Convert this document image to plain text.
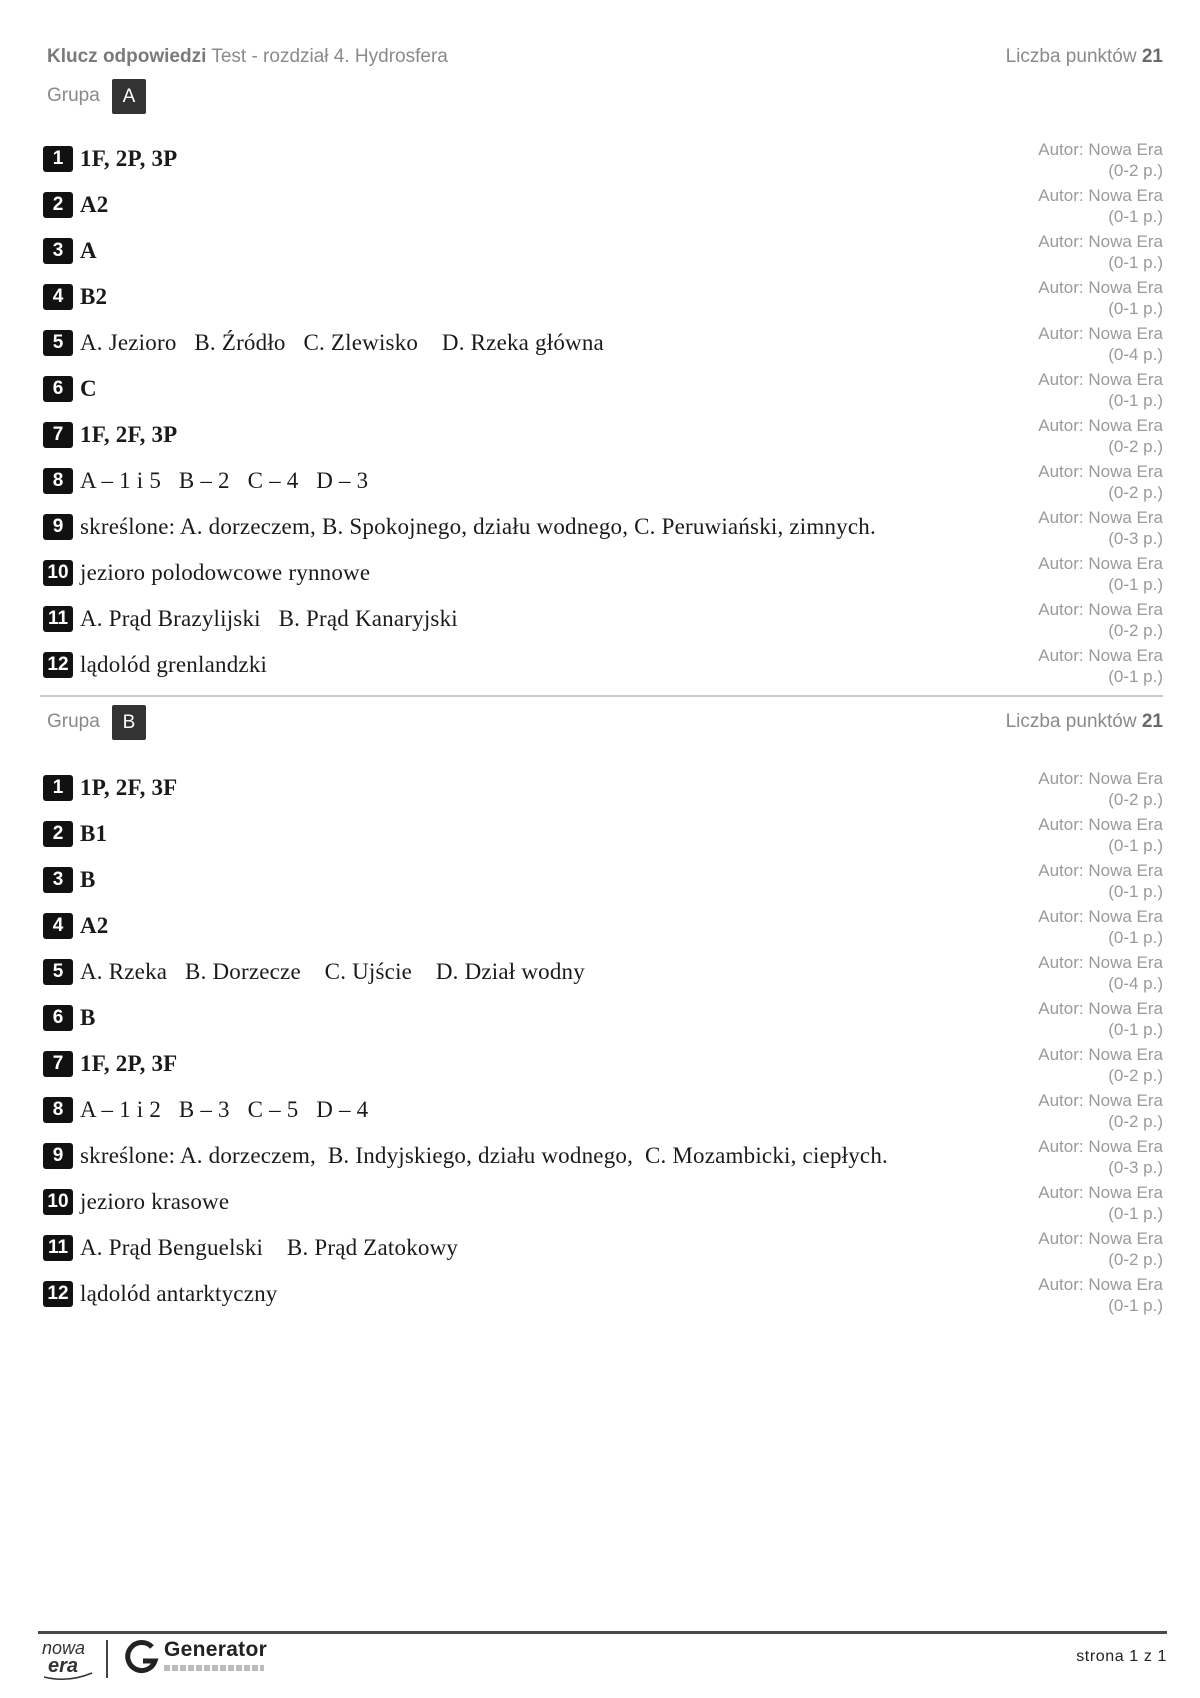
Klucz odpowiedzi Test - rozdział 4. Hydrosfera	Liczba punktów 21
Grupa	A
1 1F, 2P, 3P	Autor: Nowa Era
(0-2 p.)
2 A2	Autor: Nowa Era
(0-1 p.)
3 A	Autor: Nowa Era
(0-1 p.)
4 B2	Autor: Nowa Era
(0-1 p.)
5 A. Jezioro   B. Źródło   C. Zlewisko    D. Rzeka główna	Autor: Nowa Era
(0-4 p.)
6 C	Autor: Nowa Era
(0-1 p.)
7 1F, 2F, 3P	Autor: Nowa Era
(0-2 p.)
8 A – 1 i 5   B – 2   C – 4   D – 3	Autor: Nowa Era
(0-2 p.)
9 skreślone: A. dorzeczem, B. Spokojnego, działu wodnego, C. Peruwiański, zimnych.	Autor: Nowa Era
(0-3 p.)
10 jezioro polodowcowe rynnowe	Autor: Nowa Era
(0-1 p.)
11 A. Prąd Brazylijski   B. Prąd Kanaryjski	Autor: Nowa Era
(0-2 p.)
12 lądolód grenlandzki	Autor: Nowa Era
(0-1 p.)
Grupa	B	Liczba punktów 21
1 1P, 2F, 3F	Autor: Nowa Era
(0-2 p.)
2 B1	Autor: Nowa Era
(0-1 p.)
3 B	Autor: Nowa Era
(0-1 p.)
4 A2	Autor: Nowa Era
(0-1 p.)
5 A. Rzeka   B. Dorzecze    C. Ujście    D. Dział wodny	Autor: Nowa Era
(0-4 p.)
6 B	Autor: Nowa Era
(0-1 p.)
7 1F, 2P, 3F	Autor: Nowa Era
(0-2 p.)
8 A – 1 i 2   B – 3   C – 5   D – 4	Autor: Nowa Era
(0-2 p.)
9 skreślone: A. dorzeczem,  B. Indyjskiego, działu wodnego,  C. Mozambicki, ciepłych.	Autor: Nowa Era
(0-3 p.)
10 jezioro krasowe	Autor: Nowa Era
(0-1 p.)
11 A. Prąd Benguelski    B. Prąd Zatokowy	Autor: Nowa Era
(0-2 p.)
12 lądolód antarktyczny	Autor: Nowa Era
(0-1 p.)
nowa
era
Generator	strona 1 z 1
